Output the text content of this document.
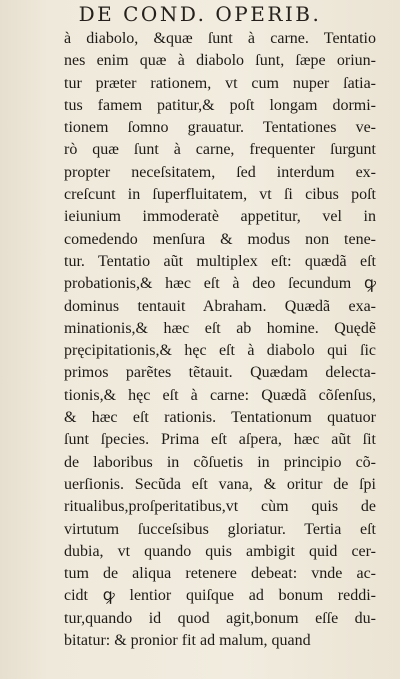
DE COND. OPERIB.
à diabolo, &quæ ſunt à carne. Tentatio
nes enim quæ à diabolo ſunt, ſæpe oriun-
tur præter rationem, vt cum nuper ſatia-
tus famem patitur,& poſt longam dormi-
tionem ſomno grauatur. Tentationes ve-
rò quæ ſunt à carne, frequenter ſurgunt
propter neceſsitatem, ſed interdum ex-
creſcunt in ſuperfluitatem, vt ſi cibus poſt
ieiunium immoderatè appetitur, vel in
comedendo menſura & modus non tene-
tur. Tentatio aũt multiplex eſt: quædã eſt
probationis,& hæc eſt à deo ſecundum ꝙ
dominus tentauit Abraham. Quædã exa-
minationis,& hæc eſt ab homine. Quędẽ
pręcipitationis,& hęc eſt à diabolo qui ſic
primos parẽtes tẽtauit. Quædam delecta-
tionis,& hęc eſt à carne: Quædã cõſenſus,
& hæc eſt rationis. Tentationum quatuor
ſunt ſpecies. Prima eſt aſpera, hæc aũt ſit
de laboribus in cõſuetis in principio cõ-
uerſionis. Secũda eſt vana, & oritur de ſpi
ritualibus,proſperitatibus,vt cùm quis de
virtutum ſucceſsibus gloriatur. Tertia eſt
dubia, vt quando quis ambigit quid cer-
tum de aliqua retenere debeat: vnde ac-
cidt ꝙ lentior quiſque ad bonum reddi-
tur,quando id quod agit,bonum eſſe du-
bitatur: & pronior fit ad malum, quand
